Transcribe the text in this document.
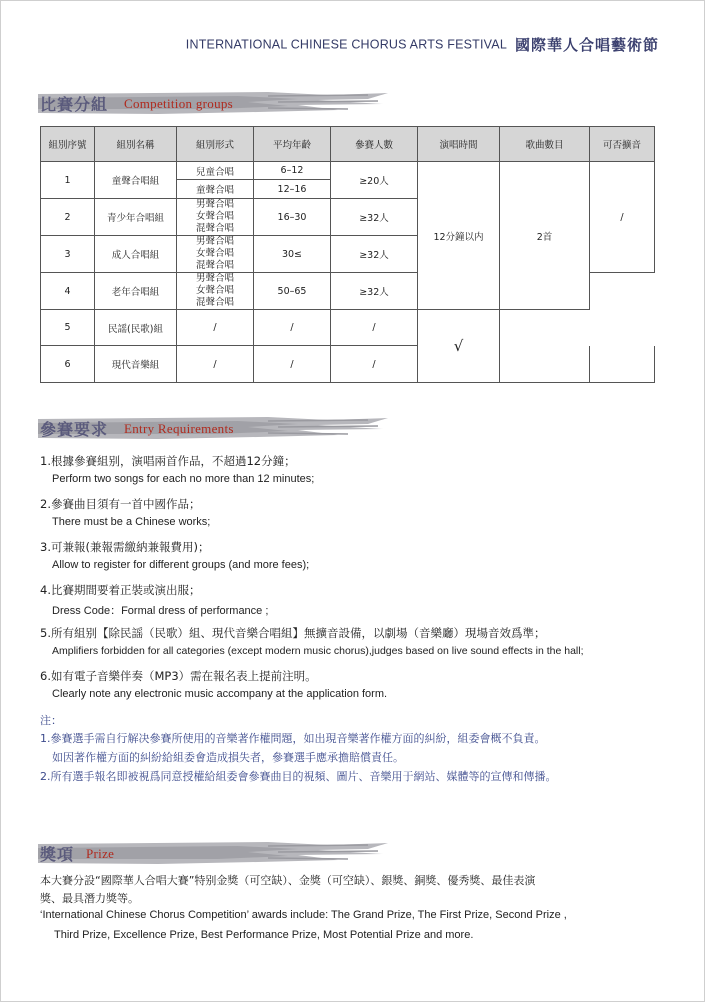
INTERNATIONAL CHINESE CHORUS ARTS FESTIVAL 國際華人合唱藝術節
比賽分組 Competition groups
組別序號	組別名稱	組別形式	平均年齡	參賽人數	演唱時間	歌曲數目	可否擴音
1	童聲合唱組	兒童合唱	6–12	≥20人	12分鐘以内	2首	/
		童聲合唱	12–16				
2	青少年合唱組	男聲合唱
女聲合唱
混聲合唱	16–30	≥32人			
3	成人合唱組	男聲合唱
女聲合唱
混聲合唱	30≤	≥32人			
4	老年合唱組	男聲合唱
女聲合唱
混聲合唱	50–65	≥32人			
5	民謡(民歌)組	/	/	/	√		
6	現代音樂組	/	/	/			
參賽要求 Entry Requirements
1.根據參賽組别，演唱兩首作品，不超過12分鐘；
Perform two songs for each no more than 12 minutes;
2.參賽曲目須有一首中國作品；
There must be a Chinese works;
3.可兼報(兼報需繳納兼報費用)；
Allow to register for different groups (and more fees);
4.比賽期間要着正裝或演出服；
Dress Code：Formal dress of performance ;
5.所有組别【除民謡（民歌）組、現代音樂合唱組】無擴音設備，以劇場（音樂廳）現場音效爲準；
Amplifiers forbidden for all categories (except modern music chorus),judges based on live sound effects in the hall;
6.如有電子音樂伴奏（MP3）需在報名表上提前注明。
Clearly note any electronic music accompany at the application form.
注：
1.參賽選手需自行解决參賽所使用的音樂著作權問題，如出現音樂著作權方面的糾紛，組委會概不負責。
如因著作權方面的糾紛給組委會造成損失者，參賽選手應承擔賠償責任。
2.所有選手報名即被視爲同意授權給組委會參賽曲目的視頻、圖片、音樂用于網站、媒體等的宣傳和傳播。
獎項 Prize
本大賽分設“國際華人合唱大賽”特别金獎（可空缺）、金獎（可空缺）、銀獎、銅獎、優秀獎、最佳表演
獎、最具潛力獎等。
‘International Chinese Chorus Competition’ awards include: The Grand Prize, The First Prize, Second Prize ,
Third Prize, Excellence Prize, Best Performance Prize, Most Potential Prize and more.
